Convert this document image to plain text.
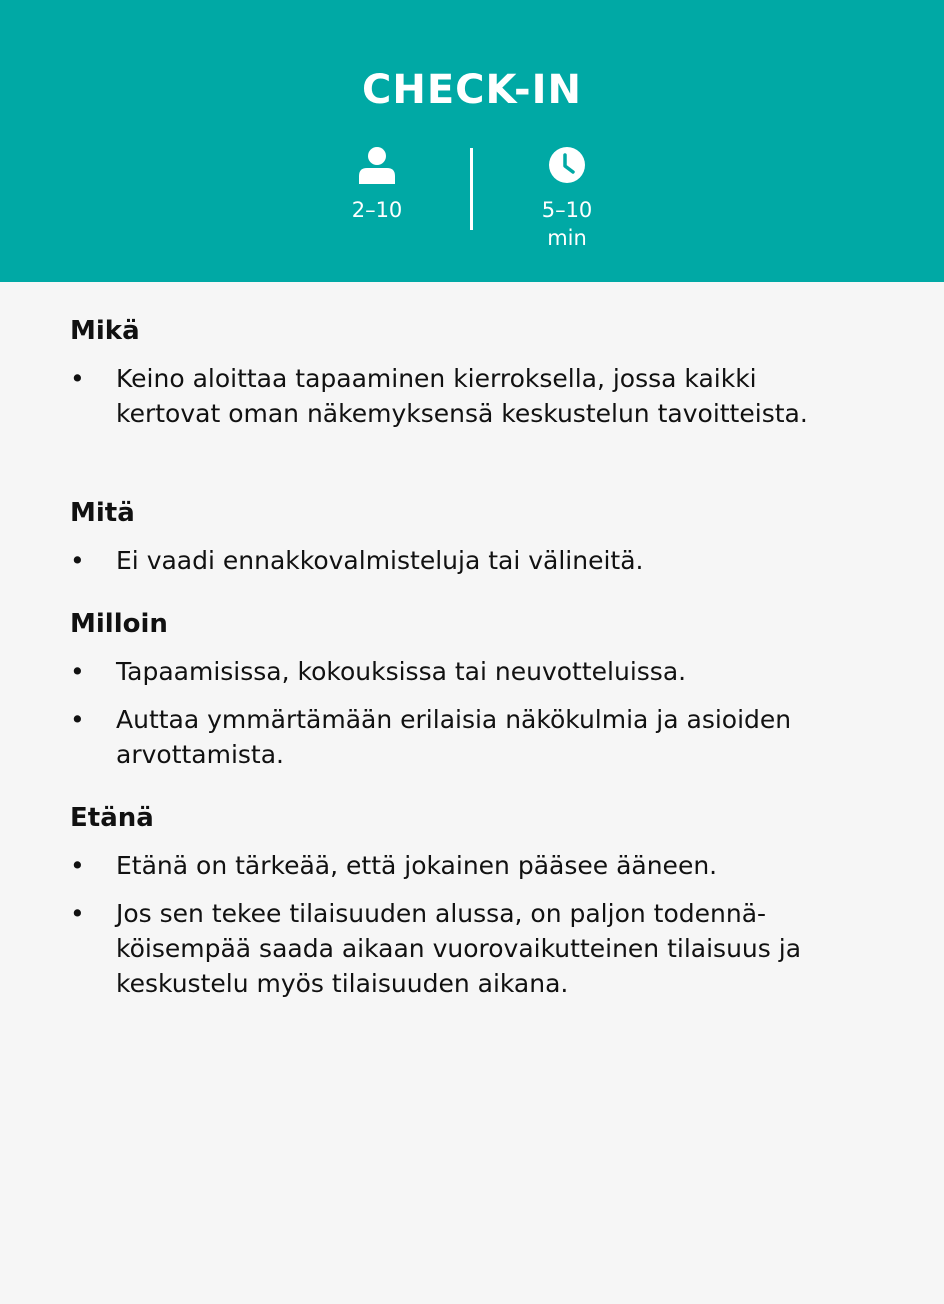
CHECK-IN
2–10	5–10
min
Mikä
• Keino aloittaa tapaaminen kierroksella, jossa kaikki kertovat oman näkemyksensä keskustelun tavoitteista.
Mitä
• Ei vaadi ennakkovalmisteluja tai välineitä.
Milloin
• Tapaamisissa, kokouksissa tai neuvotteluissa.
• Auttaa ymmärtämään erilaisia näkökulmia ja asioiden arvottamista.
Etänä
• Etänä on tärkeää, että jokainen pääsee ääneen.
• Jos sen tekee tilaisuuden alussa, on paljon todennäköisempää saada aikaan vuorovaikutteinen tilaisuus ja keskustelu myös tilaisuuden aikana.
